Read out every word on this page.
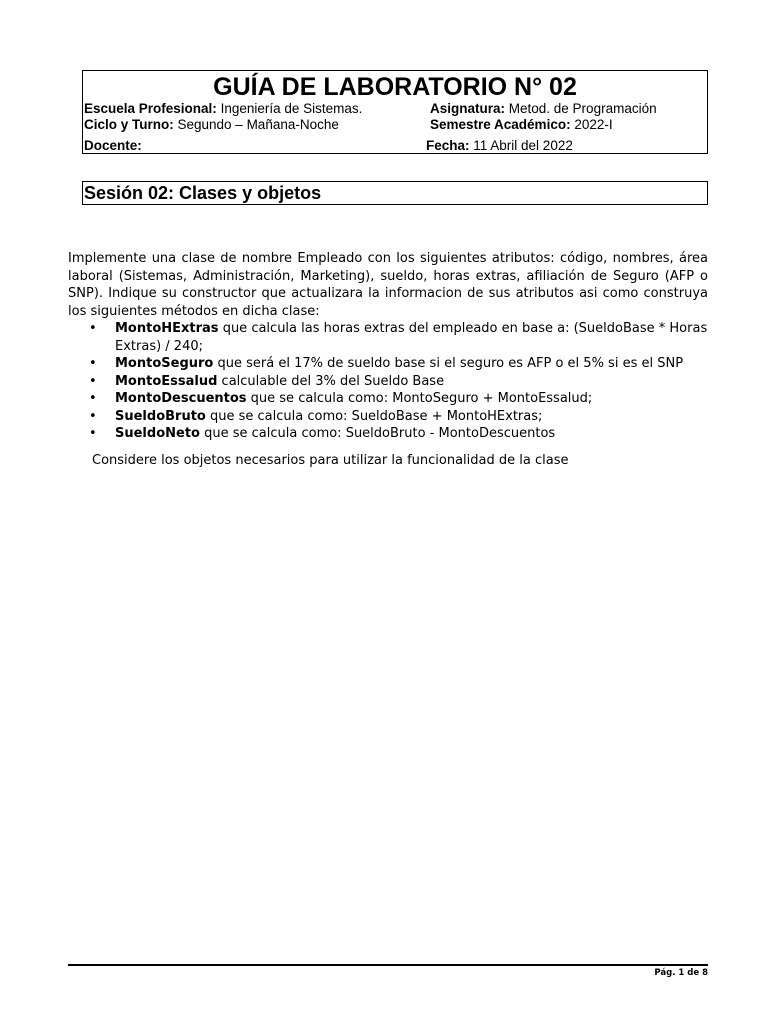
GUÍA DE LABORATORIO N° 02
Escuela Profesional: Ingeniería de Sistemas.	Asignatura: Metod. de Programación
Ciclo y Turno: Segundo – Mañana-Noche	Semestre Académico: 2022-I
Docente:	Fecha: 11 Abril del 2022
Sesión 02: Clases y objetos

Implemente una clase de nombre Empleado con los siguientes atributos: código, nombres, área laboral (Sistemas, Administración, Marketing), sueldo, horas extras, afiliación de Seguro (AFP o SNP). Indique su constructor que actualizara la informacion de sus atributos asi como construya los siguientes métodos en dicha clase:

• MontoHExtras que calcula las horas extras del empleado en base a: (SueldoBase * Horas Extras) / 240;
• MontoSeguro que será el 17% de sueldo base si el seguro es AFP o el 5% si es el SNP
• MontoEssalud calculable del 3% del Sueldo Base
• MontoDescuentos que se calcula como: MontoSeguro + MontoEssalud;
• SueldoBruto que se calcula como: SueldoBase + MontoHExtras;
• SueldoNeto que se calcula como: SueldoBruto - MontoDescuentos

Considere los objetos necesarios para utilizar la funcionalidad de la clase

Pág. 1 de 8
